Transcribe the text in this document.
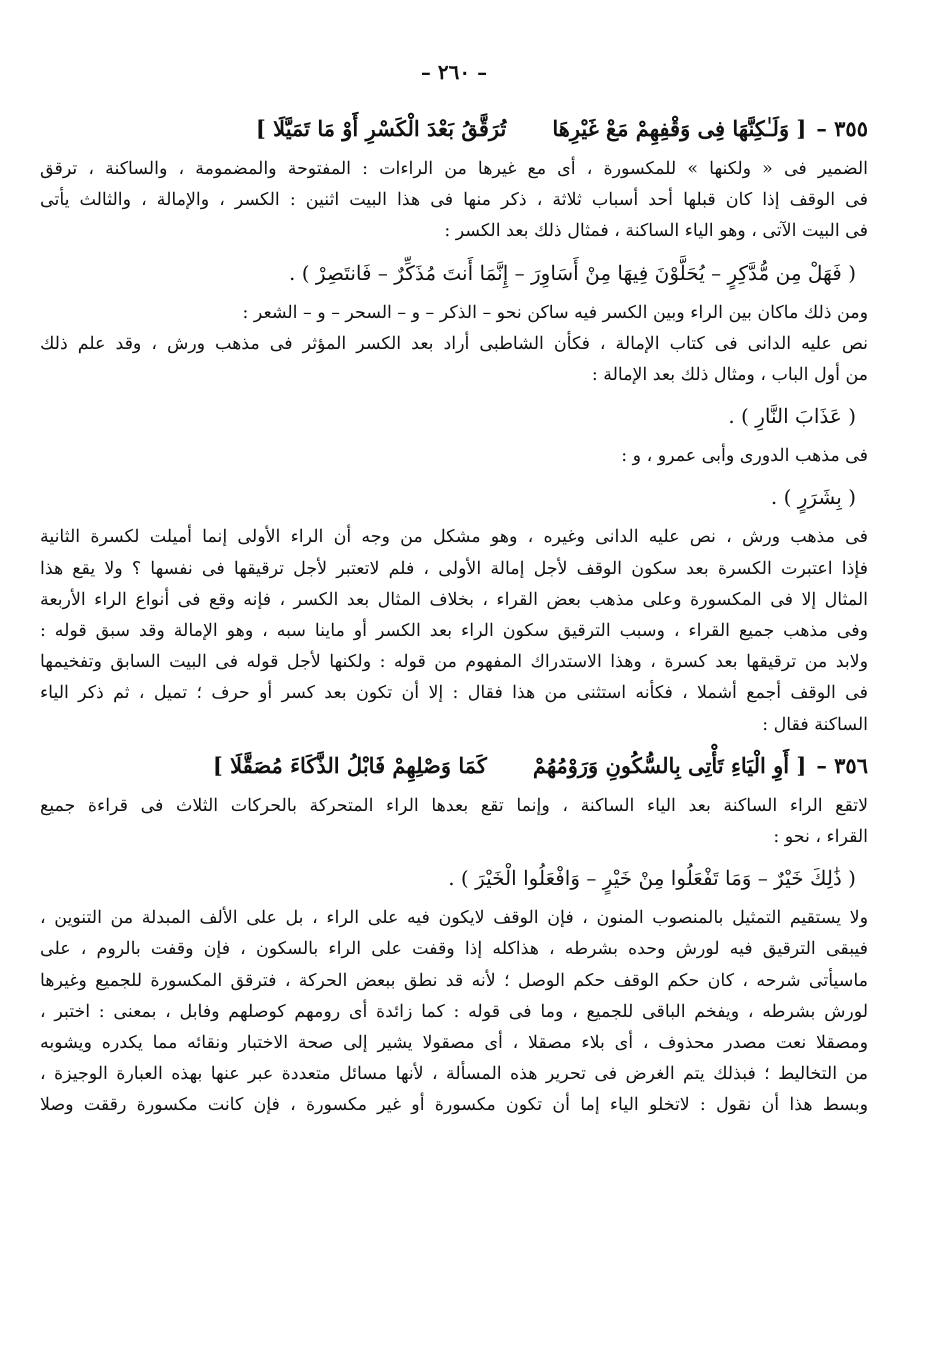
– ٢٦٠ –
٣٥٥ –[ وَلَـٰكِنَّهَا فِى وَقْفِهِمْ مَعْ غَيْرِهَاتُرَقَّقُ بَعْدَ الْكَسْرِ أَوْ مَا تَمَيَّلَا ]
الضمير فى « ولكنها » للمكسورة ، أى مع غيرها من الراءات : المفتوحة والمضمومة ، والساكنة ، ترقق
فى الوقف إذا كان قبلها أحد أسباب ثلاثة ، ذكر منها فى هذا البيت اثنين : الكسر ، والإمالة ، والثالث يأتى
فى البيت الآتى ، وهو الياء الساكنة ، فمثال ذلك بعد الكسر :
( فَهَلْ مِن مُّدَّكِرٍ – يُحَلَّوْنَ فِيهَا مِنْ أَسَاوِرَ – إِنَّمَا أَنتَ مُذَكِّرٌ – فَانتَصِرْ ) .
ومن ذلك ماكان بين الراء وبين الكسر فيه ساكن نحو – الذكر – و – السحر – و – الشعر :
نص عليه الدانى فى كتاب الإمالة ، فكأن الشاطبى أراد بعد الكسر المؤثر فى مذهب ورش ، وقد علم ذلك
من أول الباب ، ومثال ذلك بعد الإمالة :
( عَذَابَ النَّارِ ) .
فى مذهب الدورى وأبى عمرو ، و :
( بِشَرَرٍ ) .
فى مذهب ورش ، نص عليه الدانى وغيره ، وهو مشكل من وجه أن الراء الأولى إنما أميلت لكسرة الثانية
فإذا اعتبرت الكسرة بعد سكون الوقف لأجل إمالة الأولى ، فلم لاتعتبر لأجل ترقيقها فى نفسها ؟ ولا يقع هذا
المثال إلا فى المكسورة وعلى مذهب بعض القراء ، بخلاف المثال بعد الكسر ، فإنه وقع فى أنواع الراء الأربعة
وفى مذهب جميع القراء ، وسبب الترقيق سكون الراء بعد الكسر أو ماينا سبه ، وهو الإمالة وقد سبق قوله :
ولابد من ترقيقها بعد كسرة ، وهذا الاستدراك المفهوم من قوله : ولكنها لأجل قوله فى البيت السابق وتفخيمها
فى الوقف أجمع أشملا ، فكأنه استثنى من هذا فقال : إلا أن تكون بعد كسر أو حرف ؛ تميل ، ثم ذكر الياء
الساكنة فقال :
٣٥٦ –[ أَوِ الْيَاءِ تَأْتِى بِالسُّكُونِ وَرَوْمُهُمْكَمَا وَصْلِهِمْ فَابْلُ الذَّكَاءَ مُصَقَّلَا ]
لاتقع الراء الساكنة بعد الياء الساكنة ، وإنما تقع بعدها الراء المتحركة بالحركات الثلاث فى قراءة جميع
القراء ، نحو :
( ذَٰلِكَ خَيْرٌ – وَمَا تَفْعَلُوا مِنْ خَيْرٍ – وَافْعَلُوا الْخَيْرَ ) .
ولا يستقيم التمثيل بالمنصوب المنون ، فإن الوقف لايكون فيه على الراء ، بل على الألف المبدلة من التنوين ،
فيبقى الترقيق فيه لورش وحده بشرطه ، هذاكله إذا وقفت على الراء بالسكون ، فإن وقفت بالروم ، على
ماسيأتى شرحه ، كان حكم الوقف حكم الوصل ؛ لأنه قد نطق ببعض الحركة ، فترقق المكسورة للجميع وغيرها
لورش بشرطه ، ويفخم الباقى للجميع ، وما فى قوله : كما زائدة أى رومهم كوصلهم وفابل ، بمعنى : اختبر ،
ومصقلا نعت مصدر محذوف ، أى بلاء مصقلا ، أى مصقولا يشير إلى صحة الاختبار ونقائه مما يكدره ويشوبه
من التخاليط ؛ فبذلك يتم الغرض فى تحرير هذه المسألة ، لأنها مسائل متعددة عبر عنها بهذه العبارة الوجيزة ،
وبسط هذا أن نقول : لاتخلو الياء إما أن تكون مكسورة أو غير مكسورة ، فإن كانت مكسورة رققت وصلا
